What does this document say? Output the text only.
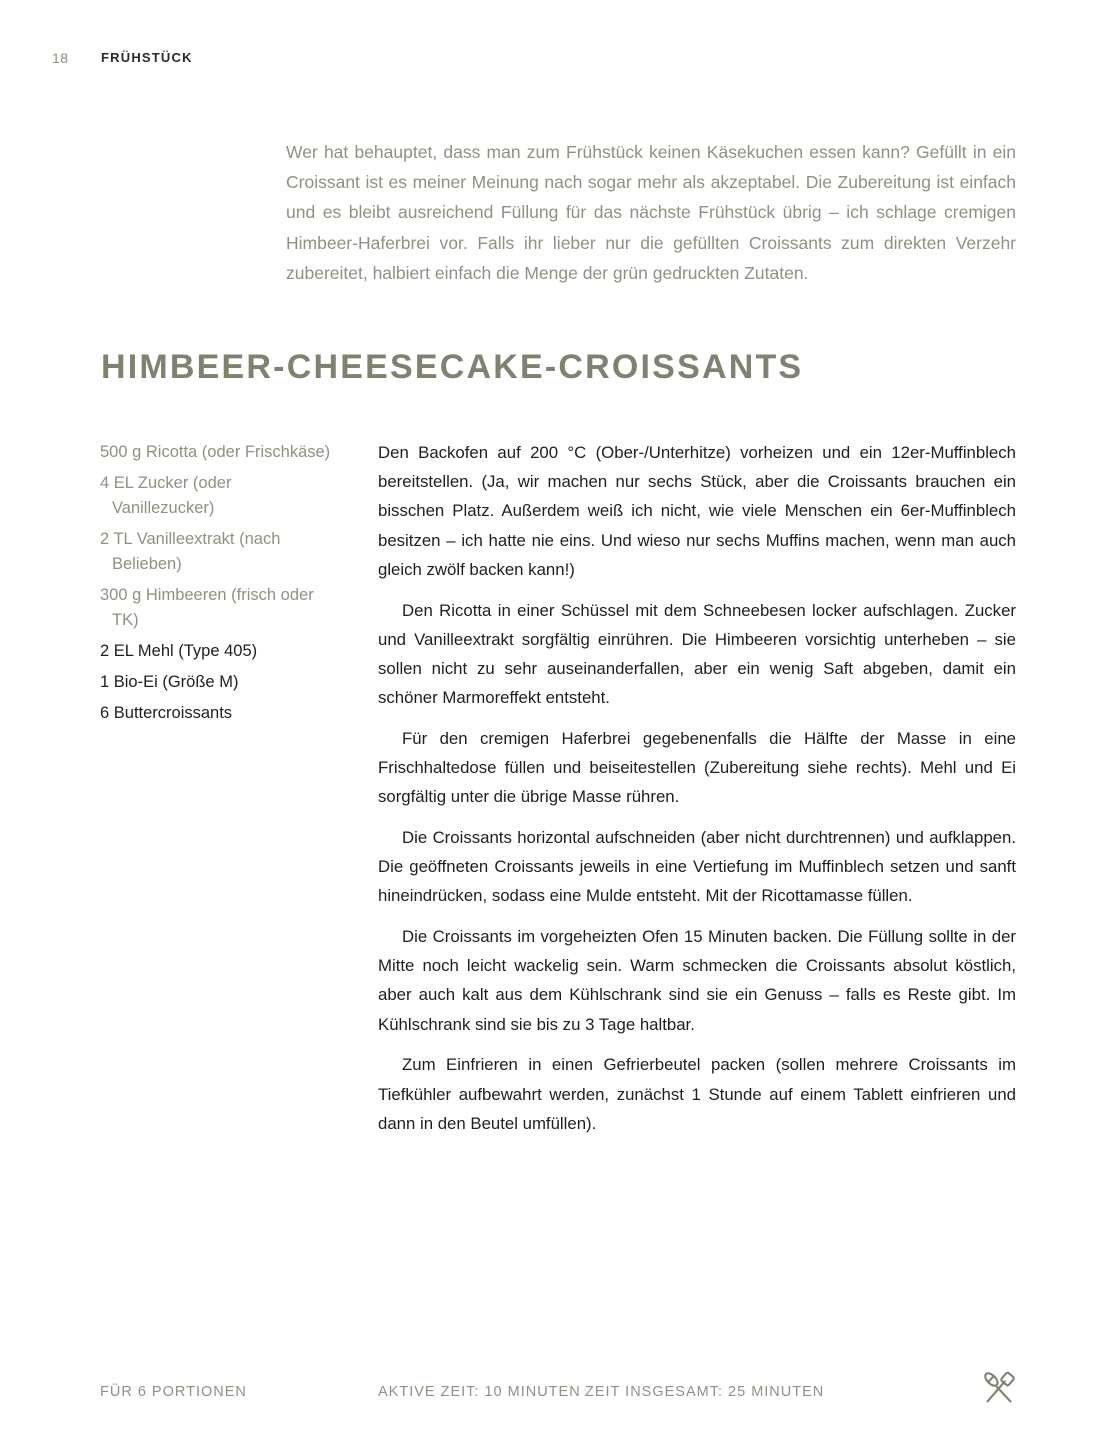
18 FRÜHSTÜCK

Wer hat behauptet, dass man zum Frühstück keinen Käsekuchen essen kann? Gefüllt in ein Croissant ist es meiner Meinung nach sogar mehr als akzeptabel. Die Zubereitung ist einfach und es bleibt ausreichend Füllung für das nächste Frühstück übrig – ich schlage cremigen Himbeer-Haferbrei vor. Falls ihr lieber nur die gefüllten Croissants zum direkten Verzehr zubereitet, halbiert einfach die Menge der grün gedruckten Zutaten.

HIMBEER-CHEESECAKE-CROISSANTS
500 g Ricotta (oder Frischkäse)
4 EL Zucker (oder Vanillezucker)
2 TL Vanilleextrakt (nach Belieben)
300 g Himbeeren (frisch oder TK)
2 EL Mehl (Type 405)
1 Bio-Ei (Größe M)
6 Buttercroissants

Den Backofen auf 200 °C (Ober-/Unterhitze) vorheizen und ein 12er-Muffinblech bereitstellen. (Ja, wir machen nur sechs Stück, aber die Croissants brauchen ein bisschen Platz. Außerdem weiß ich nicht, wie viele Menschen ein 6er-Muffinblech besitzen – ich hatte nie eins. Und wieso nur sechs Muffins machen, wenn man auch gleich zwölf backen kann!)

Den Ricotta in einer Schüssel mit dem Schneebesen locker aufschlagen. Zucker und Vanilleextrakt sorgfältig einrühren. Die Himbeeren vorsichtig unterheben – sie sollen nicht zu sehr auseinanderfallen, aber ein wenig Saft abgeben, damit ein schöner Marmoreffekt entsteht.

Für den cremigen Haferbrei gegebenenfalls die Hälfte der Masse in eine Frischhaltedose füllen und beiseitestellen (Zubereitung siehe rechts). Mehl und Ei sorgfältig unter die übrige Masse rühren.

Die Croissants horizontal aufschneiden (aber nicht durchtrennen) und aufklappen. Die geöffneten Croissants jeweils in eine Vertiefung im Muffinblech setzen und sanft hineindrücken, sodass eine Mulde entsteht. Mit der Ricottamasse füllen.

Die Croissants im vorgeheizten Ofen 15 Minuten backen. Die Füllung sollte in der Mitte noch leicht wackelig sein. Warm schmecken die Croissants absolut köstlich, aber auch kalt aus dem Kühlschrank sind sie ein Genuss – falls es Reste gibt. Im Kühlschrank sind sie bis zu 3 Tage haltbar.

Zum Einfrieren in einen Gefrierbeutel packen (sollen mehrere Croissants im Tiefkühler aufbewahrt werden, zunächst 1 Stunde auf einem Tablett einfrieren und dann in den Beutel umfüllen).

FÜR 6 PORTIONEN	AKTIVE ZEIT: 10 MINUTEN ZEIT INSGESAMT: 25 MINUTEN
